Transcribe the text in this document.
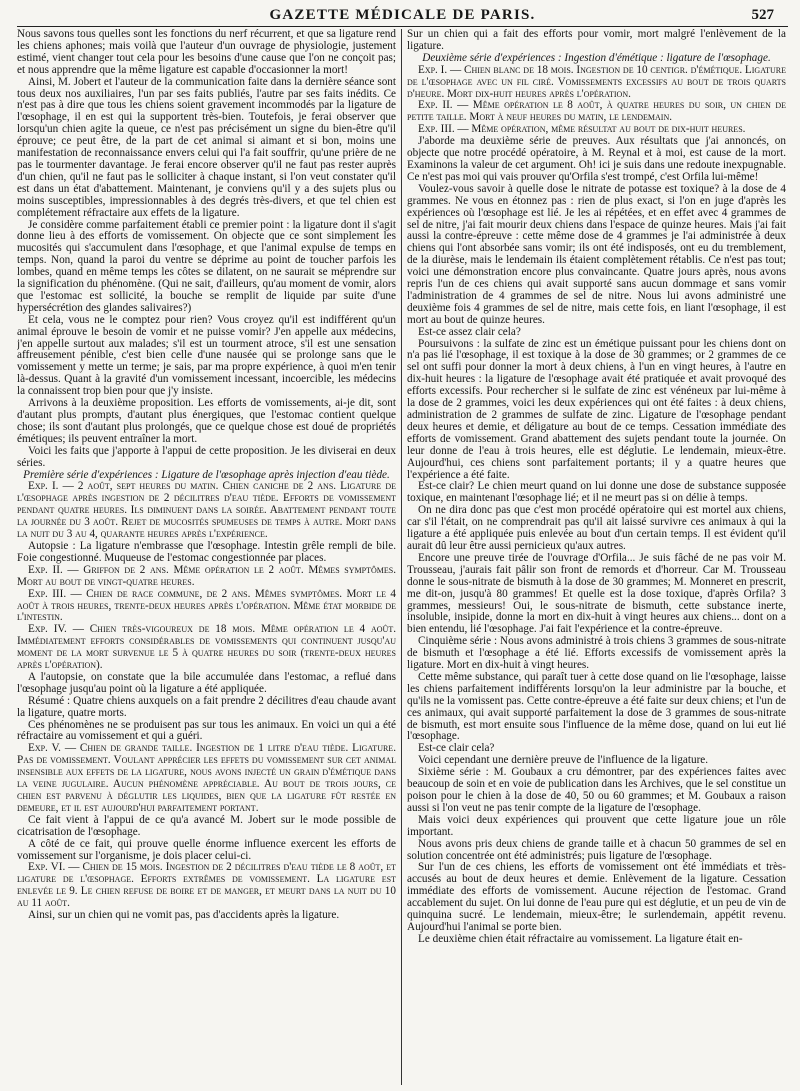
GAZETTE MÉDICALE DE PARIS.	527

Nous savons tous quelles sont les fonctions du nerf récurrent, et que sa ligature rend les chiens aphones; mais voilà que l'auteur d'un ouvrage de physiologie, justement estimé, vient changer tout cela pour les besoins d'une cause que l'on ne conçoit pas; et nous apprendre que la même ligature est capable d'occasionner la mort!

Ainsi, M. Jobert et l'auteur de la communication faite dans la dernière séance sont tous deux nos auxiliaires, l'un par ses faits publiés, l'autre par ses faits inédits. Ce n'est pas à dire que tous les chiens soient gravement incommodés par la ligature de l'œsophage, il en est qui la supportent très-bien. Toutefois, je ferai observer que lorsqu'un chien agite la queue, ce n'est pas précisément un signe du bien-être qu'il éprouve; ce peut être, de la part de cet animal si aimant et si bon, moins une manifestation de reconnaissance envers celui qui l'a fait souffrir, qu'une prière de ne pas le tourmenter davantage. Je ferai encore observer qu'il ne faut pas rester auprès d'un chien, qu'il ne faut pas le solliciter à chaque instant, si l'on veut constater qu'il est dans un état d'abattement. Maintenant, je conviens qu'il y a des sujets plus ou moins susceptibles, impressionnables à des degrés très-divers, et que tel chien est complétement réfractaire aux effets de la ligature.

Je considère comme parfaitement établi ce premier point : la ligature dont il s'agit donne lieu à des efforts de vomissement. On objecte que ce sont simplement les mucosités qui s'accumulent dans l'œsophage, et que l'animal expulse de temps en temps. Non, quand la paroi du ventre se déprime au point de toucher parfois les lombes, quand en même temps les côtes se dilatent, on ne saurait se méprendre sur la signification du phénomène. (Qui ne sait, d'ailleurs, qu'au moment de vomir, alors que l'estomac est sollicité, la bouche se remplit de liquide par suite d'une hypersécrétion des glandes salivaires?)

Et cela, vous ne le comptez pour rien? Vous croyez qu'il est indifférent qu'un animal éprouve le besoin de vomir et ne puisse vomir? J'en appelle aux médecins, j'en appelle surtout aux malades; s'il est un tourment atroce, s'il est une sensation affreusement pénible, c'est bien celle d'une nausée qui se prolonge sans que le vomissement y mette un terme; je sais, par ma propre expérience, à quoi m'en tenir là-dessus. Quant à la gravité d'un vomissement incessant, incoercible, les médecins la connaissent trop bien pour que j'y insiste.

Arrivons à la deuxième proposition. Les efforts de vomissements, ai-je dit, sont d'autant plus prompts, d'autant plus énergiques, que l'estomac contient quelque chose; ils sont d'autant plus prolongés, que ce quelque chose est doué de propriétés émétiques; ils peuvent entraîner la mort.

Voici les faits que j'apporte à l'appui de cette proposition. Je les diviserai en deux séries.

Première série d'expériences : Ligature de l'œsophage après injection d'eau tiède.

Exp. I. — 2 août, sept heures du matin. Chien caniche de 2 ans. Ligature de l'œsophage après ingestion de 2 décilitres d'eau tiède. Efforts de vomissement pendant quatre heures. Ils diminuent dans la soirée. Abattement pendant toute la journée du 3 août. Rejet de mucosités spumeuses de temps à autre. Mort dans la nuit du 3 au 4, quarante heures après l'expérience.

Autopsie : La ligature n'embrasse que l'œsophage. Intestin grêle rempli de bile. Foie congestionné. Muqueuse de l'estomac congestionnée par places.

Exp. II. — Griffon de 2 ans. Même opération le 2 août. Mêmes symptômes. Mort au bout de vingt-quatre heures.

Exp. III. — Chien de race commune, de 2 ans. Mêmes symptômes. Mort le 4 août à trois heures, trente-deux heures après l'opération. Même état morbide de l'intestin.

Exp. IV. — Chien très-vigoureux de 18 mois. Même opération le 4 août. Immédiatement efforts considérables de vomissements qui continuent jusqu'au moment de la mort survenue le 5 à quatre heures du soir (trente-deux heures après l'opération).

A l'autopsie, on constate que la bile accumulée dans l'estomac, a reflué dans l'œsophage jusqu'au point où la ligature a été appliquée.

Résumé : Quatre chiens auxquels on a fait prendre 2 décilitres d'eau chaude avant la ligature, quatre morts.

Ces phénomènes ne se produisent pas sur tous les animaux. En voici un qui a été réfractaire au vomissement et qui a guéri.

Exp. V. — Chien de grande taille. Ingestion de 1 litre d'eau tiède. Ligature. Pas de vomissement. Voulant apprécier les effets du vomissement sur cet animal insensible aux effets de la ligature, nous avons injecté un grain d'émétique dans la veine jugulaire. Aucun phénomène appréciable. Au bout de trois jours, ce chien est parvenu à déglutir les liquides, bien que la ligature fût restée en demeure, et il est aujourd'hui parfaitement portant.

Ce fait vient à l'appui de ce qu'a avancé M. Jobert sur le mode possible de cicatrisation de l'œsophage.

A côté de ce fait, qui prouve quelle énorme influence exercent les efforts de vomissement sur l'organisme, je dois placer celui-ci.

Exp. VI. — Chien de 15 mois. Ingestion de 2 décilitres d'eau tiède le 8 août, et ligature de l'œsophage. Efforts extrêmes de vomissement. La ligature est enlevée le 9. Le chien refuse de boire et de manger, et meurt dans la nuit du 10 au 11 août.

Ainsi, sur un chien qui ne vomit pas, pas d'accidents après la ligature.

Sur un chien qui a fait des efforts pour vomir, mort malgré l'enlèvement de la ligature.

Deuxième série d'expériences : Ingestion d'émétique : ligature de l'œsophage.

Exp. I. — Chien blanc de 18 mois. Ingestion de 10 centigr. d'émétique. Ligature de l'œsophage avec un fil ciré. Vomissements excessifs au bout de trois quarts d'heure. Mort dix-huit heures après l'opération.

Exp. II. — Même opération le 8 août, à quatre heures du soir, un chien de petite taille. Mort à neuf heures du matin, le lendemain.

Exp. III. — Même opération, même résultat au bout de dix-huit heures.

J'aborde ma deuxième série de preuves. Aux résultats que j'ai annoncés, on objecte que notre procédé opératoire, à M. Reynal et à moi, est cause de la mort. Examinons la valeur de cet argument. Oh! ici je suis dans une redoute inexpugnable. Ce n'est pas moi qui vais prouver qu'Orfila s'est trompé, c'est Orfila lui-même!

Voulez-vous savoir à quelle dose le nitrate de potasse est toxique? à la dose de 4 grammes. Ne vous en étonnez pas : rien de plus exact, si l'on en juge d'après les expériences où l'œsophage est lié. Je les ai répétées, et en effet avec 4 grammes de sel de nitre, j'ai fait mourir deux chiens dans l'espace de quinze heures. Mais j'ai fait aussi la contre-épreuve : cette même dose de 4 grammes je l'ai administrée à deux chiens qui l'ont absorbée sans vomir; ils ont été indisposés, ont eu du tremblement, de la diurèse, mais le lendemain ils étaient complètement rétablis. Ce n'est pas tout; voici une démonstration encore plus convaincante. Quatre jours après, nous avons repris l'un de ces chiens qui avait supporté sans aucun dommage et sans vomir l'administration de 4 grammes de sel de nitre. Nous lui avons administré une deuxième fois 4 grammes de sel de nitre, mais cette fois, en liant l'œsophage, il est mort au bout de quinze heures.

Est-ce assez clair cela?

Poursuivons : la sulfate de zinc est un émétique puissant pour les chiens dont on n'a pas lié l'œsophage, il est toxique à la dose de 30 grammes; or 2 grammes de ce sel ont suffi pour donner la mort à deux chiens, à l'un en vingt heures, à l'autre en dix-huit heures : la ligature de l'œsophage avait été pratiquée et avait provoqué des efforts excessifs. Pour rechercher si le sulfate de zinc est vénéneux par lui-même à la dose de 2 grammes, voici les deux expériences qui ont été faites : à deux chiens, administration de 2 grammes de sulfate de zinc. Ligature de l'œsophage pendant deux heures et demie, et déligature au bout de ce temps. Cessation immédiate des efforts de vomissement. Grand abattement des sujets pendant toute la journée. On leur donne de l'eau à trois heures, elle est déglutie. Le lendemain, mieux-être. Aujourd'hui, ces chiens sont parfaitement portants; il y a quatre heures que l'expérience a été faite.

Est-ce clair? Le chien meurt quand on lui donne une dose de substance supposée toxique, en maintenant l'œsophage lié; et il ne meurt pas si on délie à temps.

On ne dira donc pas que c'est mon procédé opératoire qui est mortel aux chiens, car s'il l'était, on ne comprendrait pas qu'il ait laissé survivre ces animaux à qui la ligature a été appliquée puis enlevée au bout d'un certain temps. Il est évident qu'il aurait dû leur être aussi pernicieux qu'aux autres.

Encore une preuve tirée de l'ouvrage d'Orfila... Je suis fâché de ne pas voir M. Trousseau, j'aurais fait pâlir son front de remords et d'horreur. Car M. Trousseau donne le sous-nitrate de bismuth à la dose de 30 grammes; M. Monneret en prescrit, me dit-on, jusqu'à 80 grammes! Et quelle est la dose toxique, d'après Orfila? 3 grammes, messieurs! Oui, le sous-nitrate de bismuth, cette substance inerte, insoluble, insipide, donne la mort en dix-huit à vingt heures aux chiens... dont on a bien entendu, lié l'œsophage. J'ai fait l'expérience et la contre-épreuve.

Cinquième série : Nous avons administré à trois chiens 3 grammes de sous-nitrate de bismuth et l'œsophage a été lié. Efforts excessifs de vomissement après la ligature. Mort en dix-huit à vingt heures.

Cette même substance, qui paraît tuer à cette dose quand on lie l'œsophage, laisse les chiens parfaitement indifférents lorsqu'on la leur administre par la bouche, et qu'ils ne la vomissent pas. Cette contre-épreuve a été faite sur deux chiens; et l'un de ces animaux, qui avait supporté parfaitement la dose de 3 grammes de sous-nitrate de bismuth, est mort ensuite sous l'influence de la même dose, quand on lui eut lié l'œsophage.

Est-ce clair cela?

Voici cependant une dernière preuve de l'influence de la ligature.

Sixième série : M. Goubaux a cru démontrer, par des expériences faites avec beaucoup de soin et en voie de publication dans les Archives, que le sel constitue un poison pour le chien à la dose de 40, 50 ou 60 grammes; et M. Goubaux a raison aussi si l'on veut ne pas tenir compte de la ligature de l'œsophage.

Mais voici deux expériences qui prouvent que cette ligature joue un rôle important.

Nous avons pris deux chiens de grande taille et à chacun 50 grammes de sel en solution concentrée ont été administrés; puis ligature de l'œsophage.

Sur l'un de ces chiens, les efforts de vomissement ont été immédiats et très-accusés au bout de deux heures et demie. Enlèvement de la ligature. Cessation immédiate des efforts de vomissement. Aucune réjection de l'estomac. Grand accablement du sujet. On lui donne de l'eau pure qui est déglutie, et un peu de vin de quinquina sucré. Le lendemain, mieux-être; le surlendemain, appétit revenu. Aujourd'hui l'animal se porte bien.

Le deuxième chien était réfractaire au vomissement. La ligature était en-
